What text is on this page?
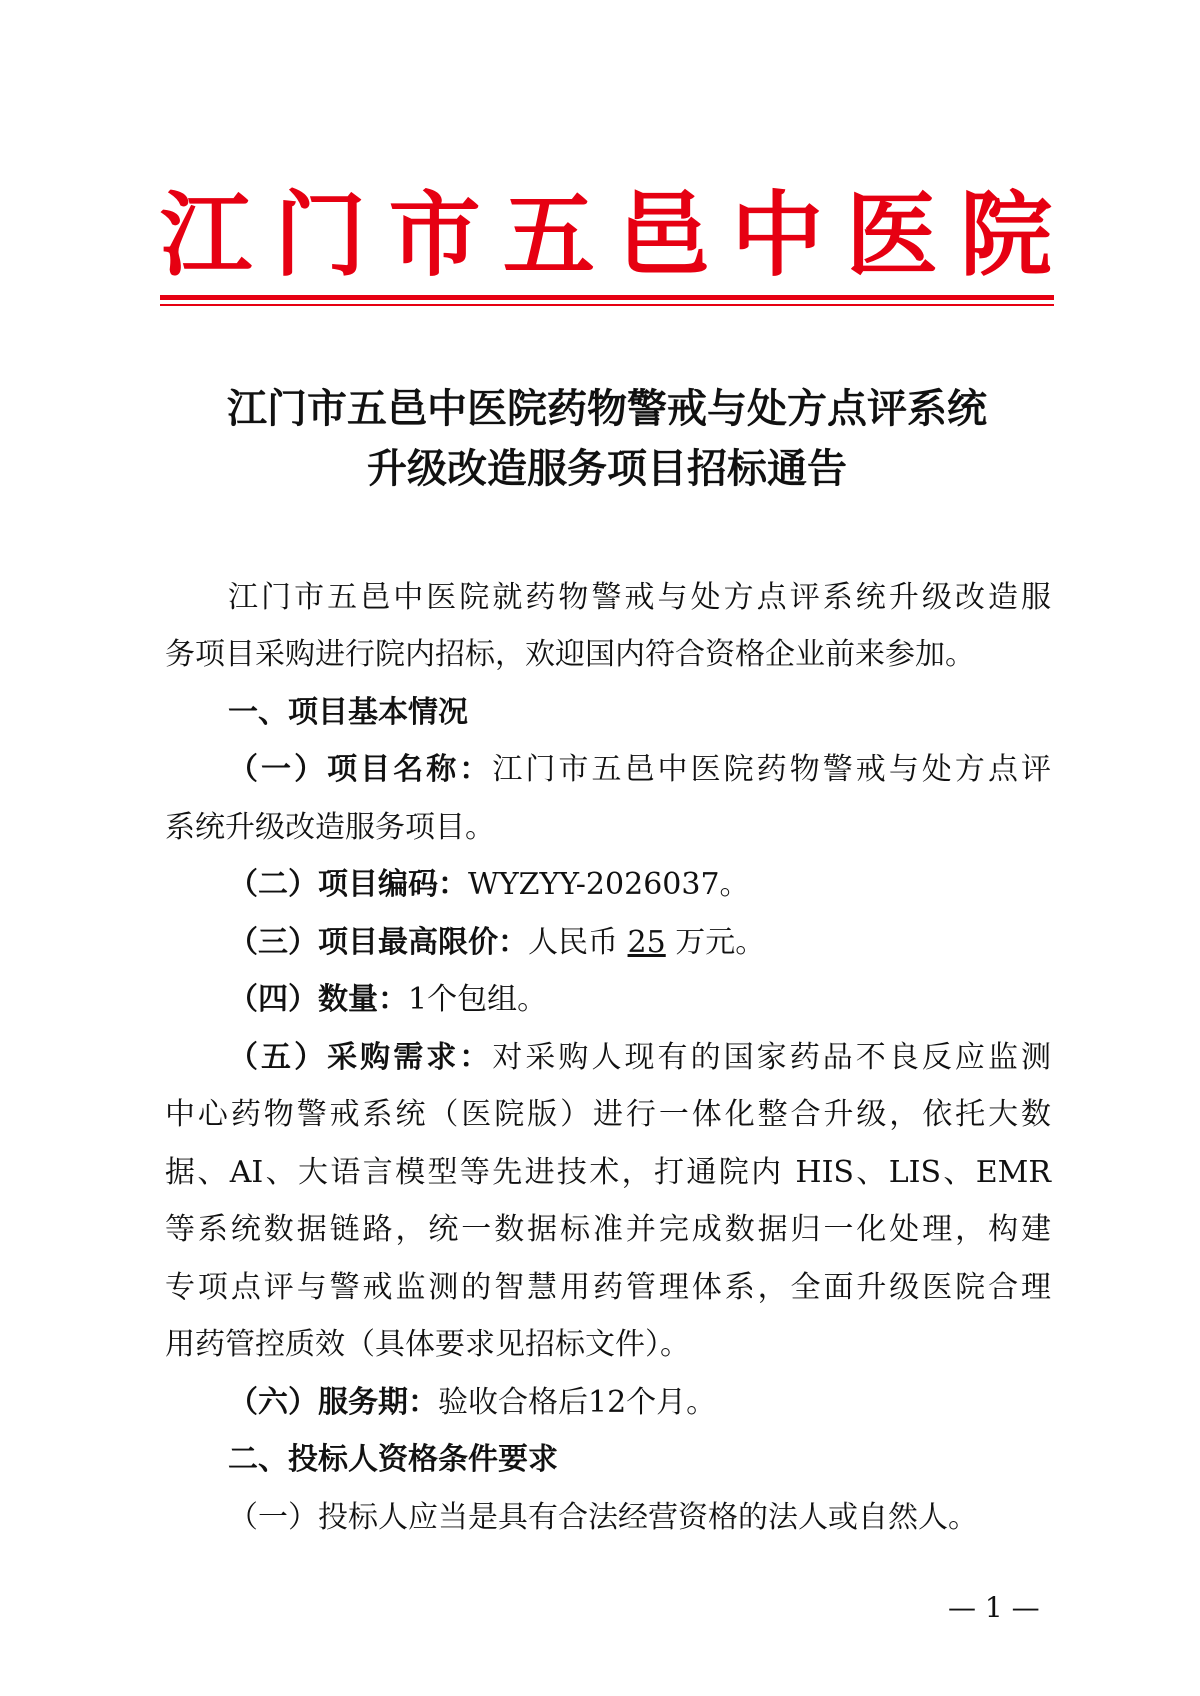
江 门 市 五 邑 中 医 院
江门市五邑中医院药物警戒与处方点评系统
升级改造服务项目招标通告
江门市五邑中医院就药物警戒与处方点评系统升级改造服
务项目采购进行院内招标，欢迎国内符合资格企业前来参加。
一、项目基本情况
（一）项目名称：江门市五邑中医院药物警戒与处方点评
系统升级改造服务项目。
（二）项目编码：WYZYY-2026037。
（三）项目最高限价：人民币 25 万元。
（四）数量：1个包组。
（五）采购需求：对采购人现有的国家药品不良反应监测
中心药物警戒系统（医院版）进行一体化整合升级，依托大数
据、AI、大语言模型等先进技术，打通院内 HIS、LIS、EMR
等系统数据链路，统一数据标准并完成数据归一化处理，构建
专项点评与警戒监测的智慧用药管理体系，全面升级医院合理
用药管控质效（具体要求见招标文件）。
（六）服务期：验收合格后12个月。
二、投标人资格条件要求
（一）投标人应当是具有合法经营资格的法人或自然人。
— 1 —
